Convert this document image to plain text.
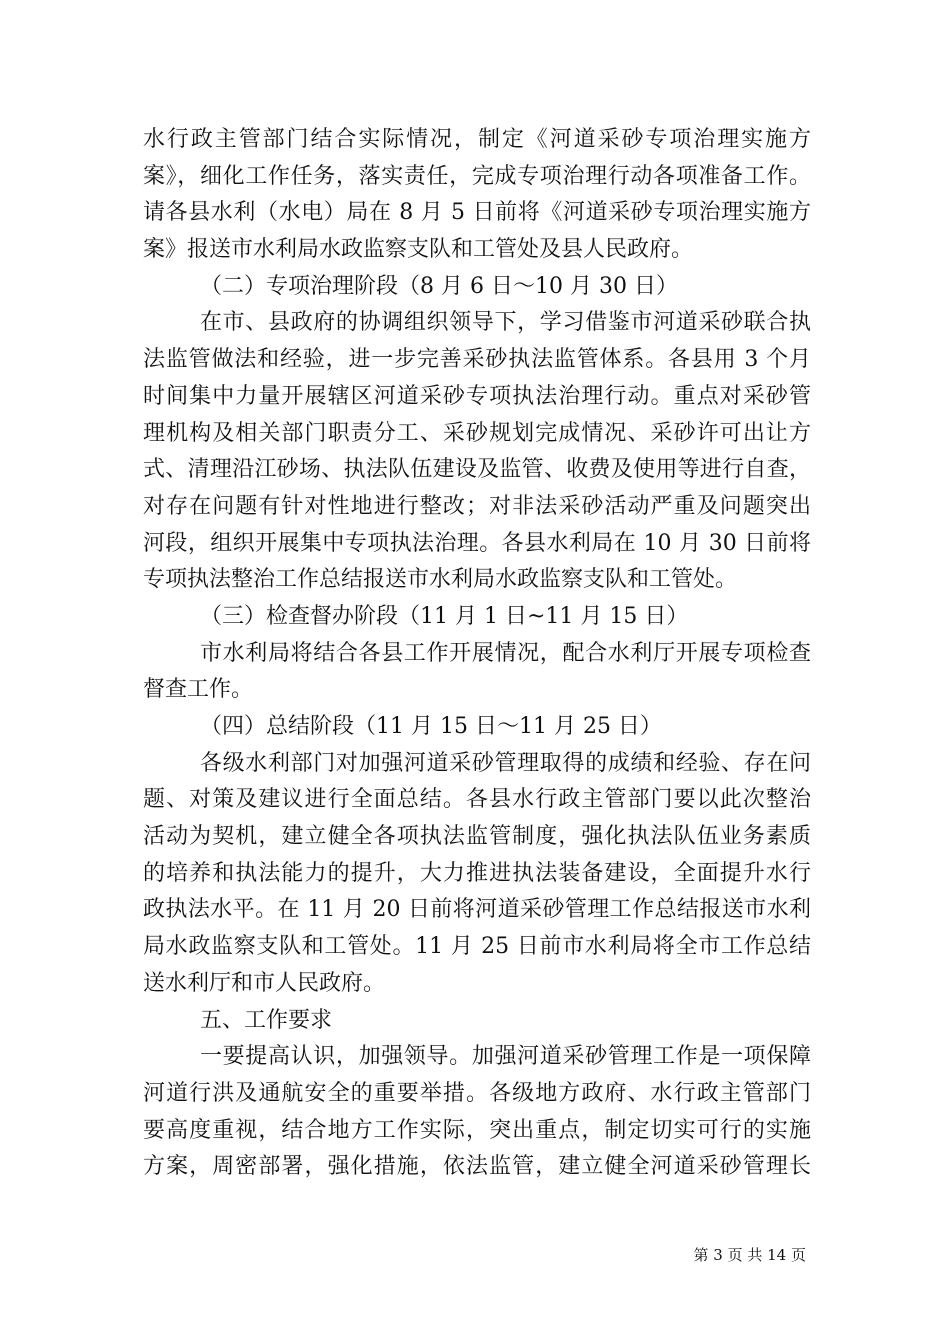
水行政主管部门结合实际情况，制定《河道采砂专项治理实施方
案》，细化工作任务，落实责任，完成专项治理行动各项准备工作。
请各县水利（水电）局在 8 月 5 日前将《河道采砂专项治理实施方
案》报送市水利局水政监察支队和工管处及县人民政府。
（二）专项治理阶段（8 月 6 日～10 月 30 日）
在市、县政府的协调组织领导下，学习借鉴市河道采砂联合执
法监管做法和经验，进一步完善采砂执法监管体系。各县用 3 个月
时间集中力量开展辖区河道采砂专项执法治理行动。重点对采砂管
理机构及相关部门职责分工、采砂规划完成情况、采砂许可出让方
式、清理沿江砂场、执法队伍建设及监管、收费及使用等进行自查，
对存在问题有针对性地进行整改；对非法采砂活动严重及问题突出
河段，组织开展集中专项执法治理。各县水利局在 10 月 30 日前将
专项执法整治工作总结报送市水利局水政监察支队和工管处。
（三）检查督办阶段（11 月 1 日~11 月 15 日）
市水利局将结合各县工作开展情况，配合水利厅开展专项检查
督查工作。
（四）总结阶段（11 月 15 日～11 月 25 日）
各级水利部门对加强河道采砂管理取得的成绩和经验、存在问
题、对策及建议进行全面总结。各县水行政主管部门要以此次整治
活动为契机，建立健全各项执法监管制度，强化执法队伍业务素质
的培养和执法能力的提升，大力推进执法装备建设，全面提升水行
政执法水平。在 11 月 20 日前将河道采砂管理工作总结报送市水利
局水政监察支队和工管处。11 月 25 日前市水利局将全市工作总结
送水利厅和市人民政府。
五、工作要求
一要提高认识，加强领导。加强河道采砂管理工作是一项保障
河道行洪及通航安全的重要举措。各级地方政府、水行政主管部门
要高度重视，结合地方工作实际，突出重点，制定切实可行的实施
方案，周密部署，强化措施，依法监管，建立健全河道采砂管理长
第 3 页 共 14 页
